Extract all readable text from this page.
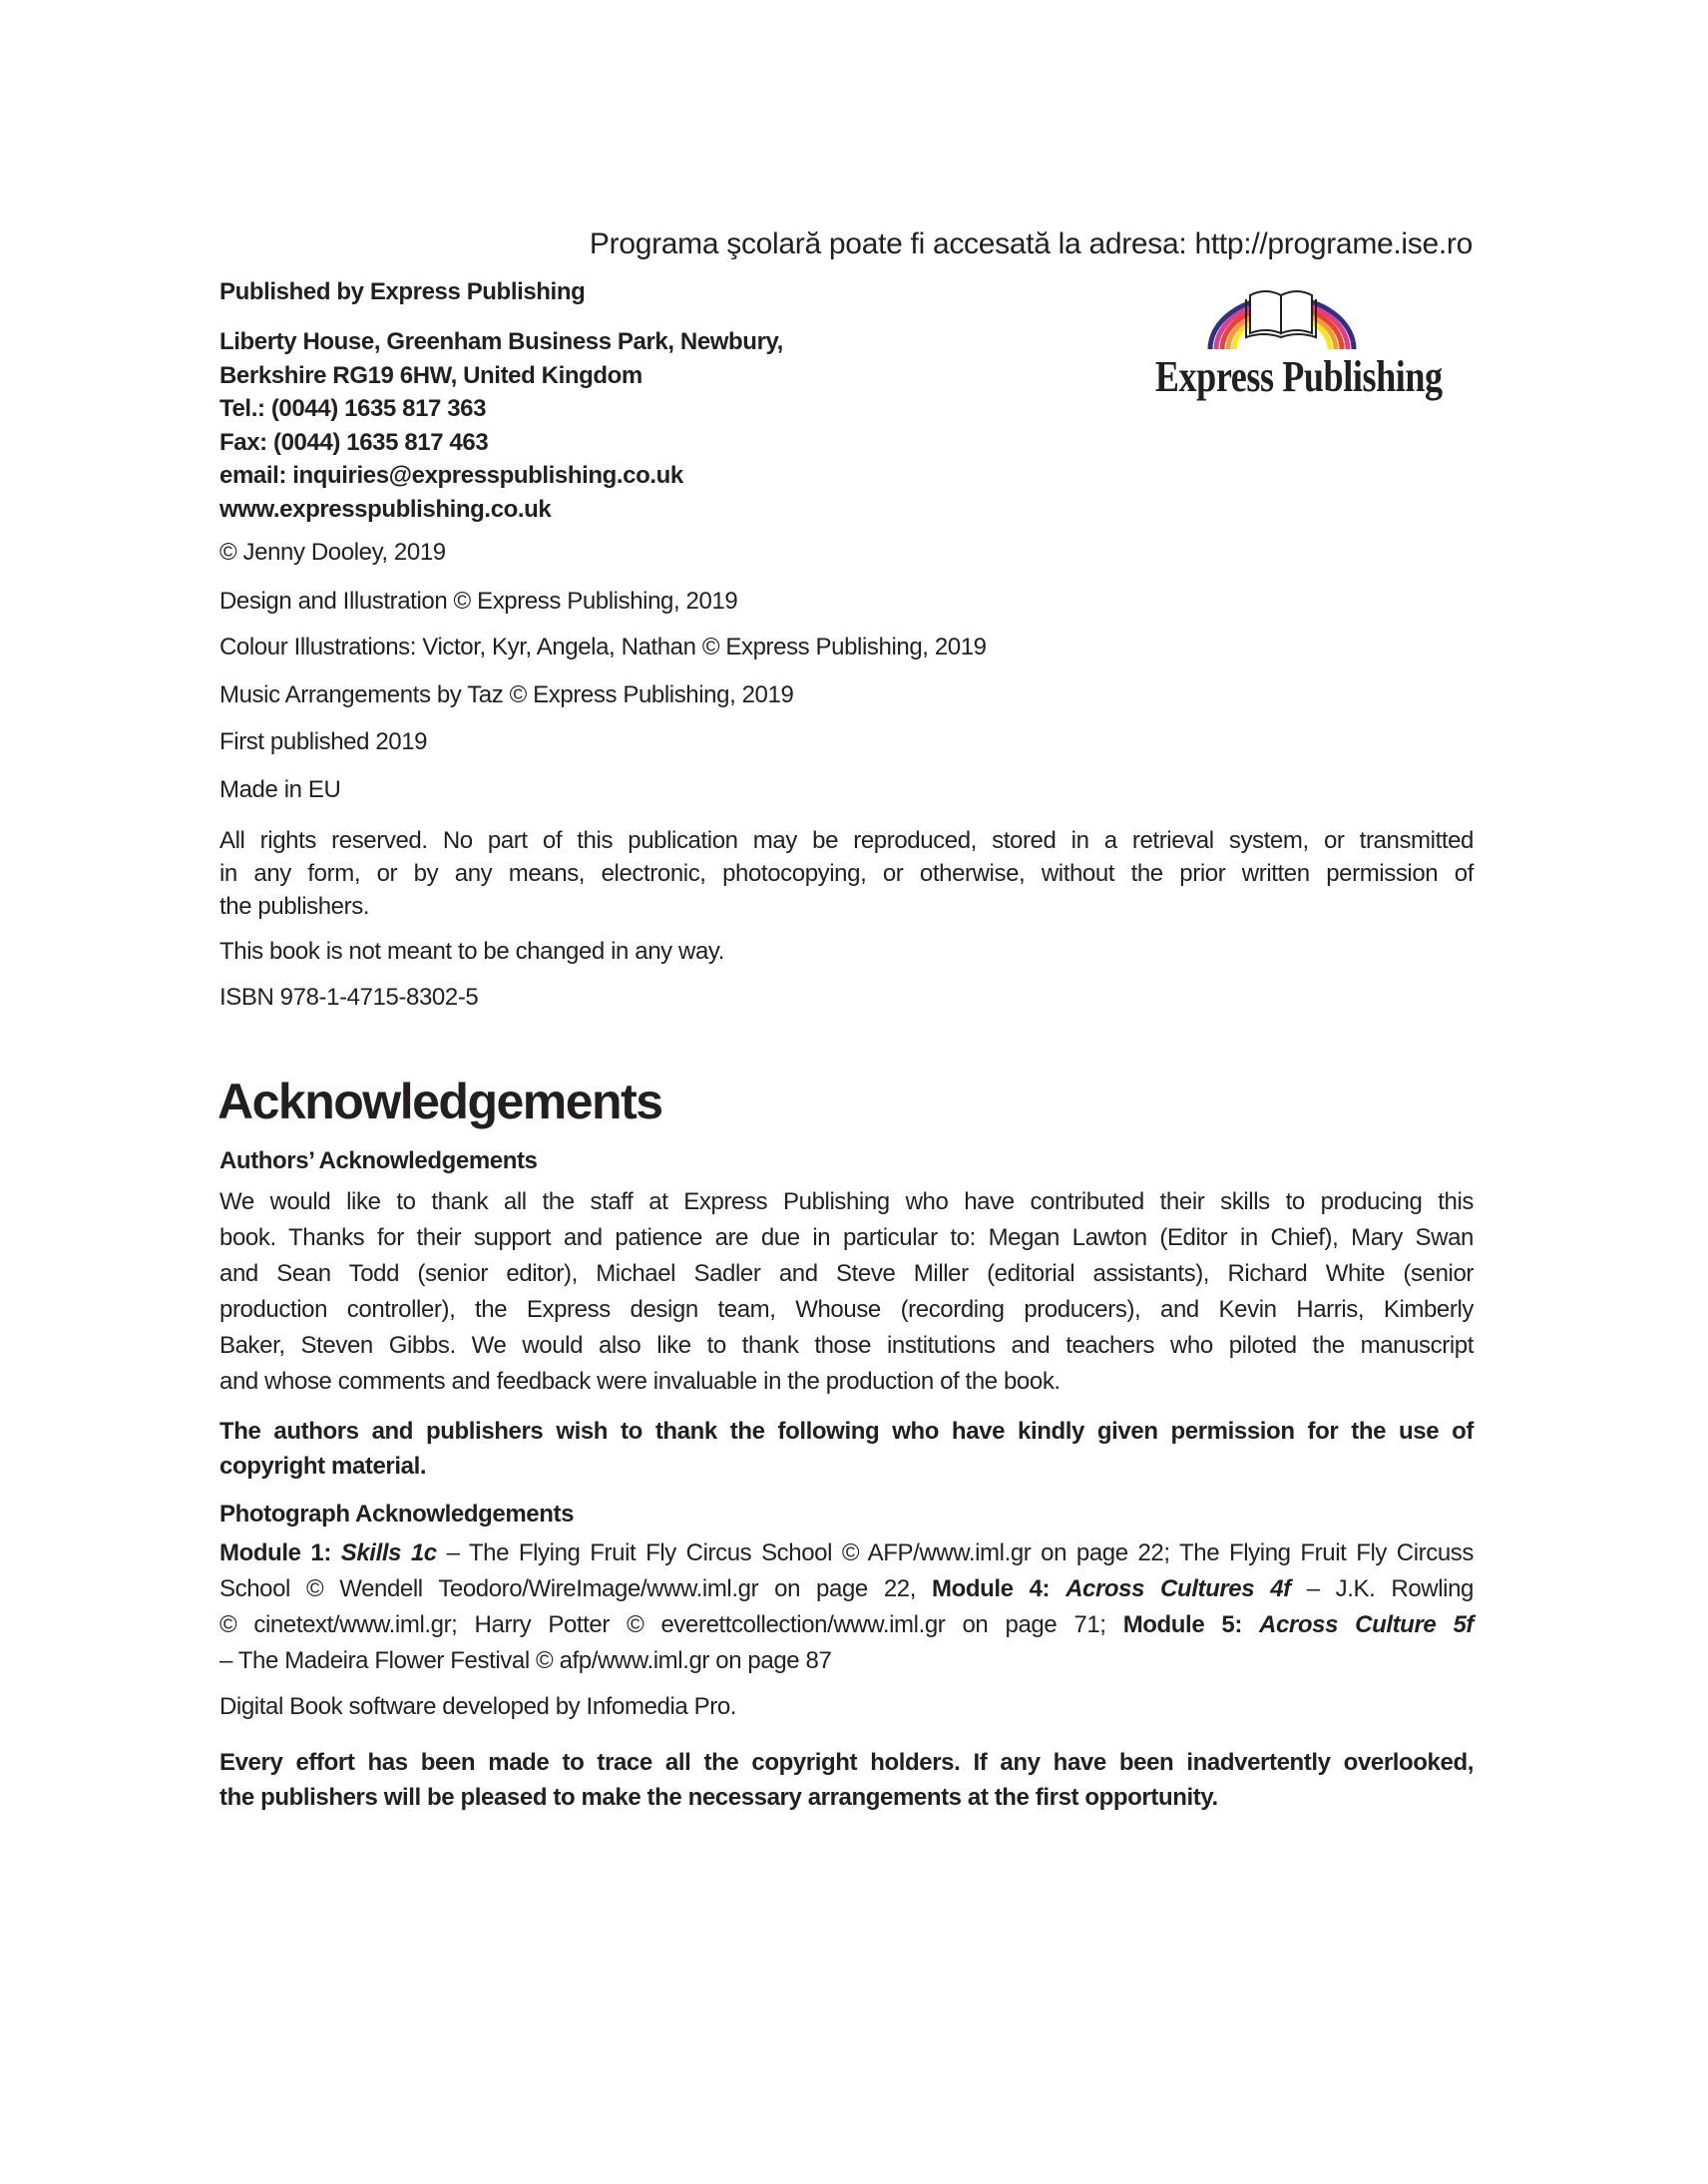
Programa şcolară poate fi accesată la adresa: http://programe.ise.ro
Express Publishing
Published by Express Publishing
Liberty House, Greenham Business Park, Newbury,
Berkshire RG19 6HW, United Kingdom
Tel.: (0044) 1635 817 363
Fax: (0044) 1635 817 463
email: inquiries@expresspublishing.co.uk
www.expresspublishing.co.uk
© Jenny Dooley, 2019
Design and Illustration © Express Publishing, 2019
Colour Illustrations: Victor, Kyr, Angela, Nathan © Express Publishing, 2019
Music Arrangements by Taz © Express Publishing, 2019
First published 2019
Made in EU
All rights reserved. No part of this publication may be reproduced, stored in a retrieval system, or transmitted
in any form, or by any means, electronic, photocopying, or otherwise, without the prior written permission of
the publishers.
This book is not meant to be changed in any way.
ISBN 978-1-4715-8302-5
Acknowledgements
Authors’ Acknowledgements
We would like to thank all the staff at Express Publishing who have contributed their skills to producing this
book. Thanks for their support and patience are due in particular to: Megan Lawton (Editor in Chief), Mary Swan
and Sean Todd (senior editor), Michael Sadler and Steve Miller (editorial assistants), Richard White (senior
production controller), the Express design team, Whouse (recording producers), and Kevin Harris, Kimberly
Baker, Steven Gibbs. We would also like to thank those institutions and teachers who piloted the manuscript
and whose comments and feedback were invaluable in the production of the book.
The authors and publishers wish to thank the following who have kindly given permission for the use of
copyright material.
Photograph Acknowledgements
Module 1: Skills 1c – The Flying Fruit Fly Circus School © AFP/www.iml.gr on page 22; The Flying Fruit Fly Circuss
School © Wendell Teodoro/WireImage/www.iml.gr on page 22, Module 4: Across Cultures 4f – J.K. Rowling
© cinetext/www.iml.gr; Harry Potter © everettcollection/www.iml.gr on page 71; Module 5: Across Culture 5f
– The Madeira Flower Festival © afp/www.iml.gr on page 87
Digital Book software developed by Infomedia Pro.
Every effort has been made to trace all the copyright holders. If any have been inadvertently overlooked,
the publishers will be pleased to make the necessary arrangements at the first opportunity.
